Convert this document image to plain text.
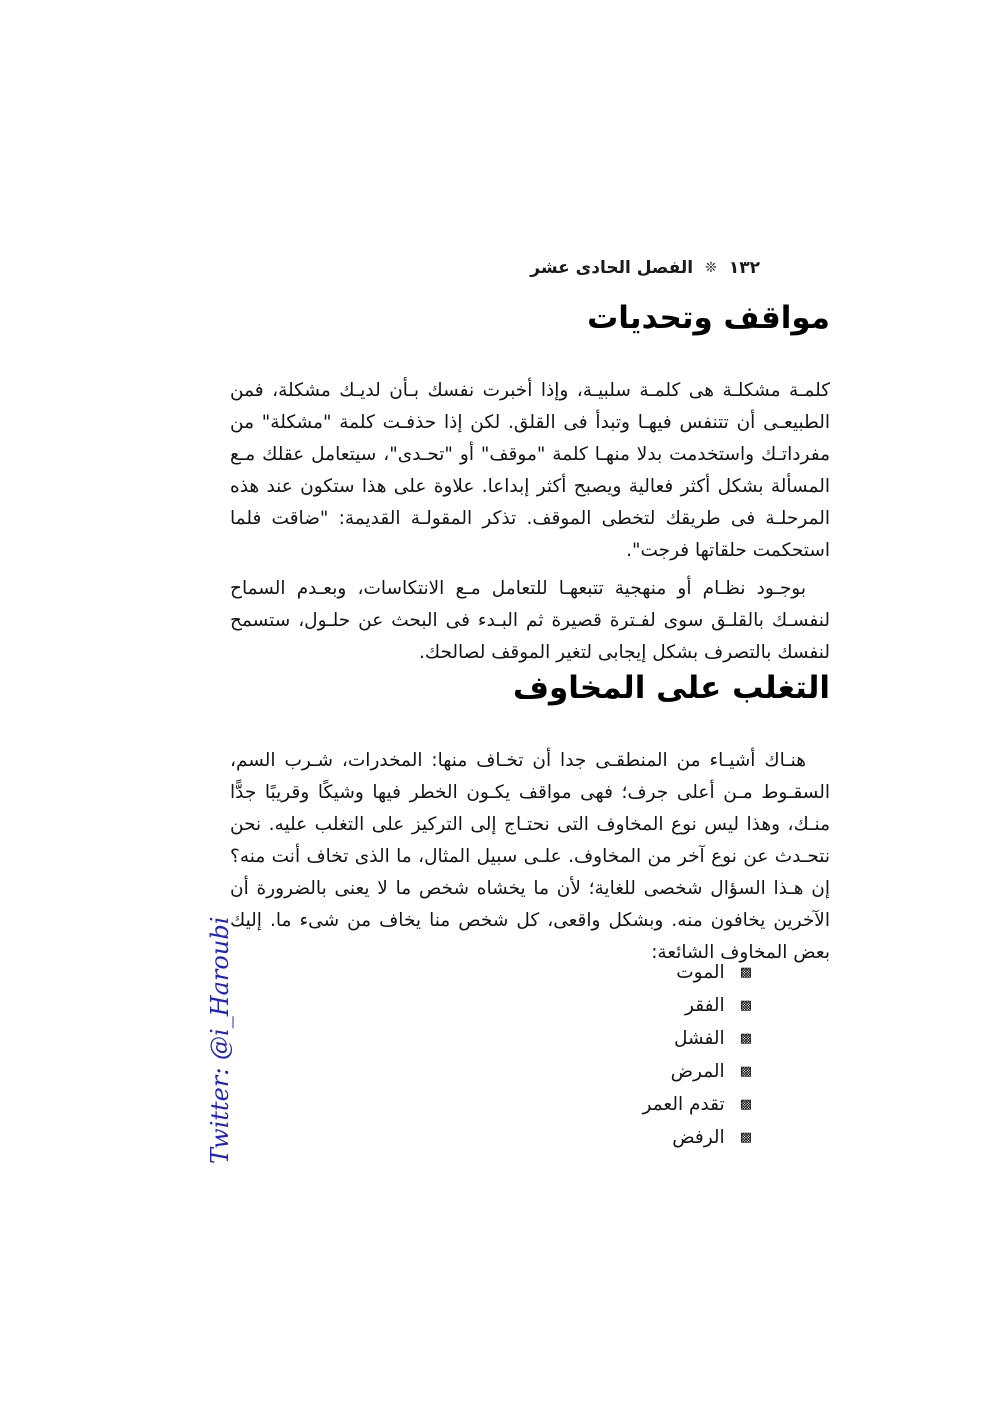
١٣٢
❊
الفصل الحادى عشر
مواقف وتحديات

كلمـة مشكلـة هى كلمـة سلبيـة، وإذا أخبرت نفسك بـأن لديـك مشكلة، فمن الطبيعـى أن تتنفس فيهـا وتبدأ فى القلق. لكن إذا حذفـت كلمة "مشكلة" من مفرداتـك واستخدمت بدلا منهـا كلمة "موقف" أو "تحـدى"، سيتعامل عقلك مـع المسألة بشكل أكثر فعالية ويصبح أكثر إبداعا. علاوة على هذا ستكون عند هذه المرحلـة فى طريقك لتخطى الموقف. تذكر المقولـة القديمة: "ضاقت فلما استحكمت حلقاتها فرجت".

بوجـود نظـام أو منهجية تتبعهـا للتعامل مـع الانتكاسات، وبعـدم السماح لنفسـك بالقلـق سوى لفـترة قصيرة ثم البـدء فى البحث عن حلـول، ستسمح لنفسك بالتصرف بشكل إيجابى لتغير الموقف لصالحك.

التغلب على المخاوف

هنـاك أشيـاء من المنطقـى جدا أن تخـاف منها: المخدرات، شـرب السم، السقـوط مـن أعلى جرف؛ فهى مواقف يكـون الخطر فيها وشيكًا وقريبًا جدًّا منـك، وهذا ليس نوع المخاوف التى نحتـاج إلى التركيز على التغلب عليه. نحن نتحـدث عن نوع آخر من المخاوف. علـى سبيل المثال، ما الذى تخاف أنت منه؟ إن هـذا السؤال شخصى للغاية؛ لأن ما يخشاه شخص ما لا يعنى بالضرورة أن الآخرين يخافون منه. وبشكل واقعى، كل شخص منا يخاف من شىء ما. إليك بعض المخاوف الشائعة:

▩
الموت
▩
الفقر
▩
الفشل
▩
المرض
▩
تقدم العمر
▩
الرفض
Twitter: @i_Haroubi
